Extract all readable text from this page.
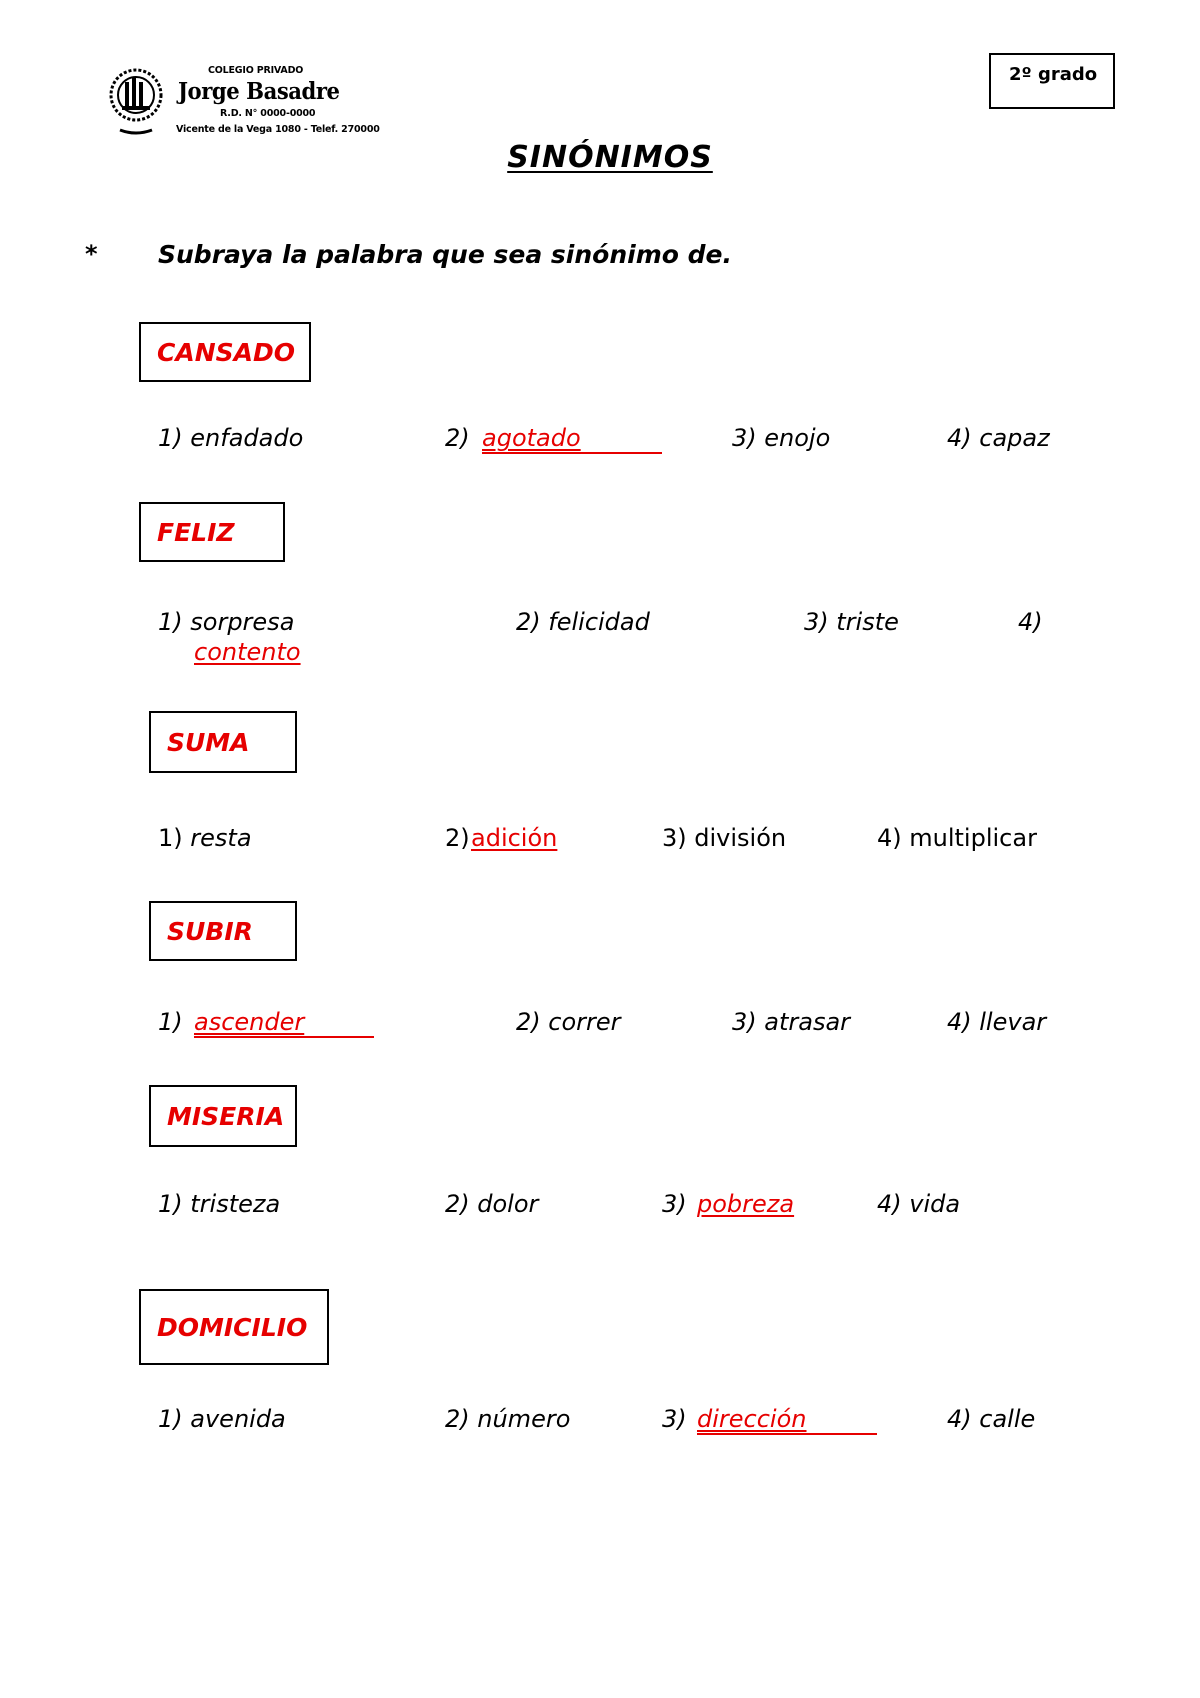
COLEGIO PRIVADO
Jorge Basadre
R.D. N° 0000-0000
Vicente de la Vega 1080 - Telef. 270000
2º grado
SINÓNIMOS
* Subraya la palabra que sea sinónimo de.
CANSADO
1) enfadado	2) agotado	3) enojo	4) capaz
FELIZ
1) sorpresa	2) felicidad	3) triste	4)
contento
SUMA
1) resta	2) adición	3) división	4) multiplicar
SUBIR
1) ascender	2) correr	3) atrasar	4) llevar
MISERIA
1) tristeza	2) dolor	3) pobreza	4) vida
DOMICILIO
1) avenida	2) número	3) dirección	4) calle
